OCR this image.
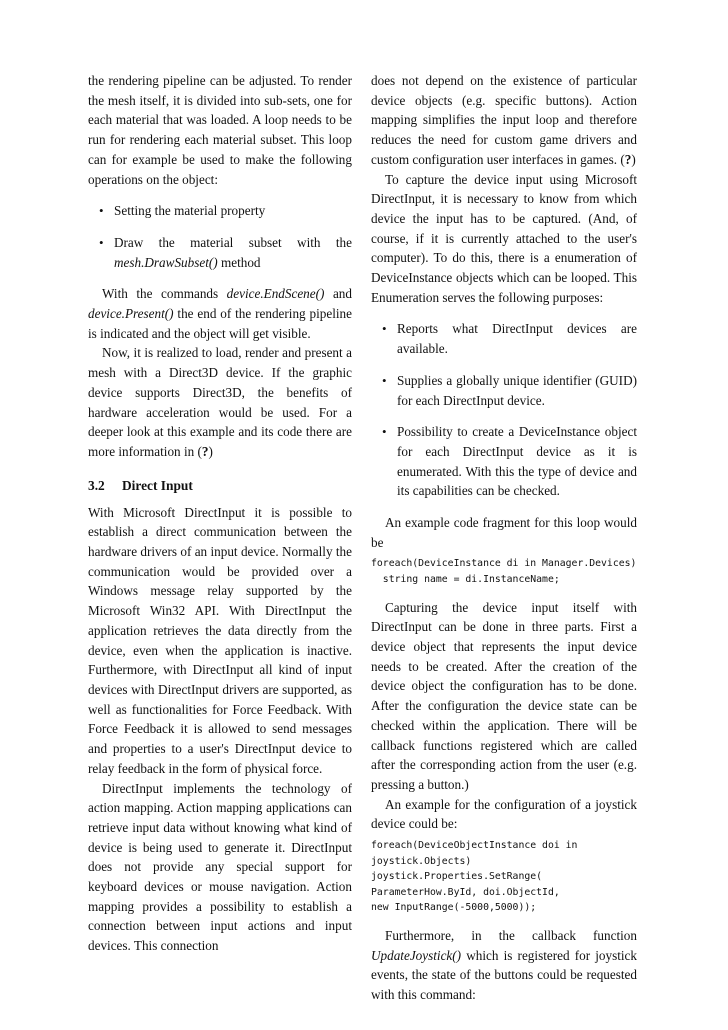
the rendering pipeline can be adjusted. To render the mesh itself, it is divided into sub-sets, one for each material that was loaded. A loop needs to be run for rendering each material subset. This loop can for example be used to make the following operations on the object:

• Setting the material property
• Draw the material subset with the mesh.DrawSubset() method

With the commands device.EndScene() and device.Present() the end of the rendering pipeline is indicated and the object will get visible.

Now, it is realized to load, render and present a mesh with a Direct3D device. If the graphic device supports Direct3D, the benefits of hardware acceleration would be used. For a deeper look at this example and its code there are more information in (?)

3.2 Direct Input

With Microsoft DirectInput it is possible to establish a direct communication between the hardware drivers of an input device. Normally the communication would be provided over a Windows message relay supported by the Microsoft Win32 API. With DirectInput the application retrieves the data directly from the device, even when the application is inactive. Furthermore, with DirectInput all kind of input devices with DirectInput drivers are supported, as well as functionalities for Force Feedback. With Force Feedback it is allowed to send messages and properties to a user's DirectInput device to relay feedback in the form of physical force.

DirectInput implements the technology of action mapping. Action mapping applications can retrieve input data without knowing what kind of device is being used to generate it. DirectInput does not provide any special support for keyboard devices or mouse navigation. Action mapping provides a possibility to establish a connection between input actions and input devices. This connection

does not depend on the existence of particular device objects (e.g. specific buttons). Action mapping simplifies the input loop and therefore reduces the need for custom game drivers and custom configuration user interfaces in games. (?)

To capture the device input using Microsoft DirectInput, it is necessary to know from which device the input has to be captured. (And, of course, if it is currently attached to the user's computer). To do this, there is a enumeration of DeviceInstance objects which can be looped. This Enumeration serves the following purposes:

• Reports what DirectInput devices are available.
• Supplies a globally unique identifier (GUID) for each DirectInput device.
• Possibility to create a DeviceInstance object for each DirectInput device as it is enumerated. With this the type of device and its capabilities can be checked.

An example code fragment for this loop would be

foreach(DeviceInstance di in Manager.Devices)
string name = di.InstanceName;

Capturing the device input itself with DirectInput can be done in three parts. First a device object that represents the input device needs to be created. After the creation of the device object the configuration has to be done. After the configuration the device state can be checked within the application. There will be callback functions registered which are called after the corresponding action from the user (e.g. pressing a button.)

An example for the configuration of a joystick device could be:

foreach(DeviceObjectInstance doi in
joystick.Objects)
joystick.Properties.SetRange(
ParameterHow.ById, doi.ObjectId,
new InputRange(-5000,5000));

Furthermore, in the callback function UpdateJoystick() which is registered for joystick events, the state of the buttons could be requested with this command:
